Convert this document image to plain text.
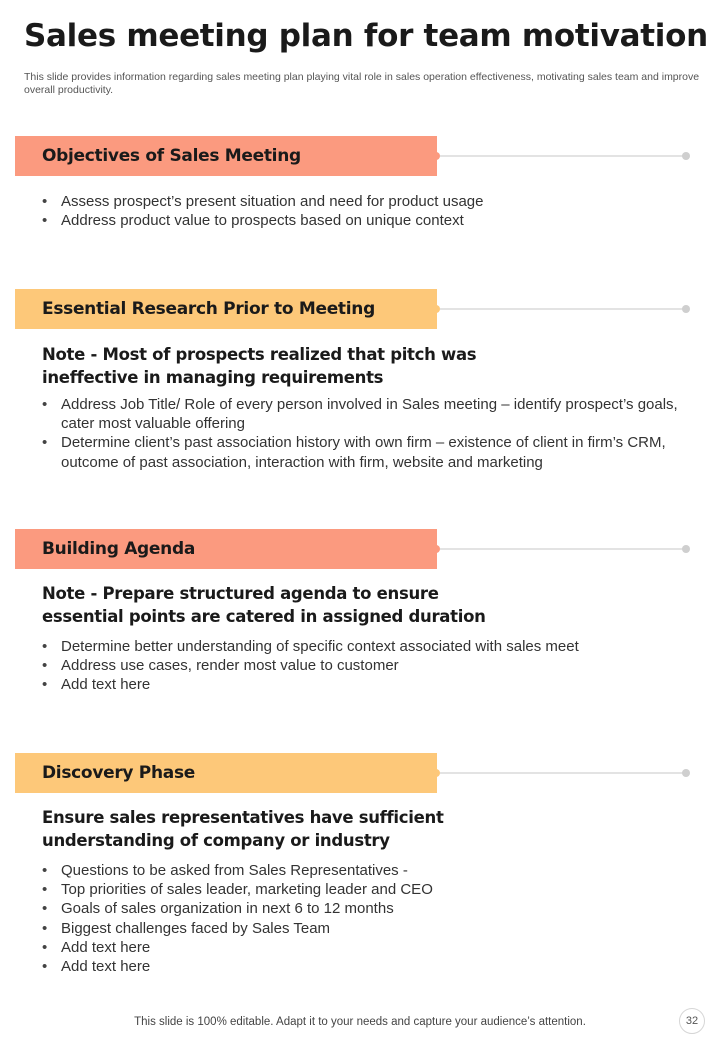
Sales meeting plan for team motivation
This slide provides information regarding sales meeting plan playing vital role in sales operation effectiveness, motivating sales team and improve overall productivity.
Objectives of Sales Meeting
• Assess prospect’s present situation and need for product usage
• Address product value to prospects based on unique context
Essential Research Prior to Meeting
Note - Most of prospects realized that pitch was ineffective in managing requirements
• Address Job Title/ Role of every person involved in Sales meeting – identify prospect’s goals, cater most valuable offering
• Determine client’s past association history with own firm – existence of client in firm’s CRM, outcome of past association, interaction with firm, website and marketing
Building Agenda
Note - Prepare structured agenda to ensure essential points are catered in assigned duration
• Determine better understanding of specific context associated with sales meet
• Address use cases, render most value to customer
• Add text here
Discovery Phase
Ensure sales representatives have sufficient understanding of company or industry
• Questions to be asked from Sales Representatives -
• Top priorities of sales leader, marketing leader and CEO
• Goals of sales organization in next 6 to 12 months
• Biggest challenges faced by Sales Team
• Add text here
• Add text here
This slide is 100% editable. Adapt it to your needs and capture your audience’s attention.	32
